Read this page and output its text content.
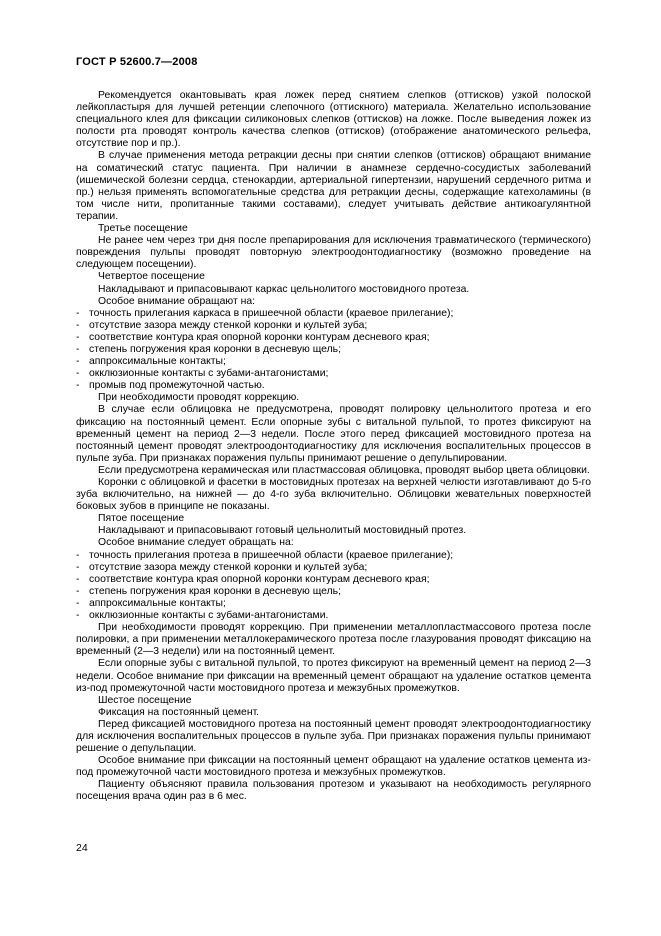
ГОСТ Р 52600.7—2008

Рекомендуется окантовывать края ложек перед снятием слепков (оттисков) узкой полоской лейкопластыря для лучшей ретенции слепочного (оттискного) материала. Желательно использование специального клея для фиксации силиконовых слепков (оттисков) на ложке. После выведения ложек из полости рта проводят контроль качества слепков (оттисков) (отображение анатомического рельефа, отсутствие пор и пр.).

В случае применения метода ретракции десны при снятии слепков (оттисков) обращают внимание на соматический статус пациента. При наличии в анамнезе сердечно-сосудистых заболеваний (ишемической болезни сердца, стенокардии, артериальной гипертензии, нарушений сердечного ритма и пр.) нельзя применять вспомогательные средства для ретракции десны, содержащие катехоламины (в том числе нити, пропитанные такими составами), следует учитывать действие антикоагулянтной терапии.

Третье посещение

Не ранее чем через три дня после препарирования для исключения травматического (термического) повреждения пульпы проводят повторную электроодонтодиагностику (возможно проведение на следующем посещении).

Четвертое посещение

Накладывают и припасовывают каркас цельнолитого мостовидного протеза.

Особое внимание обращают на:

- точность прилегания каркаса в пришеечной области (краевое прилегание);

- отсутствие зазора между стенкой коронки и культей зуба;

- соответствие контура края опорной коронки контурам десневого края;

- степень погружения края коронки в десневую щель;

- аппроксимальные контакты;

- окклюзионные контакты с зубами-антагонистами;

- промыв под промежуточной частью.

При необходимости проводят коррекцию.

В случае если облицовка не предусмотрена, проводят полировку цельнолитого протеза и его фиксацию на постоянный цемент. Если опорные зубы с витальной пульпой, то протез фиксируют на временный цемент на период 2—3 недели. После этого перед фиксацией мостовидного протеза на постоянный цемент проводят электроодонтодиагностику для исключения воспалительных процессов в пульпе зуба. При признаках поражения пульпы принимают решение о депульпировании.

Если предусмотрена керамическая или пластмассовая облицовка, проводят выбор цвета облицовки.

Коронки с облицовкой и фасетки в мостовидных протезах на верхней челюсти изготавливают до 5-го зуба включительно, на нижней — до 4-го зуба включительно. Облицовки жевательных поверхностей боковых зубов в принципе не показаны.

Пятое посещение

Накладывают и припасовывают готовый цельнолитый мостовидный протез.

Особое внимание следует обращать на:

- точность прилегания протеза в пришеечной области (краевое прилегание);

- отсутствие зазора между стенкой коронки и культей зуба;

- соответствие контура края опорной коронки контурам десневого края;

- степень погружения края коронки в десневую щель;

- аппроксимальные контакты;

- окклюзионные контакты с зубами-антагонистами.

При необходимости проводят коррекцию. При применении металлопластмассового протеза после полировки, а при применении металлокерамического протеза после глазурования проводят фиксацию на временный (2—3 недели) или на постоянный цемент.

Если опорные зубы с витальной пульпой, то протез фиксируют на временный цемент на период 2—3 недели. Особое внимание при фиксации на временный цемент обращают на удаление остатков цемента из-под промежуточной части мостовидного протеза и межзубных промежутков.

Шестое посещение

Фиксация на постоянный цемент.

Перед фиксацией мостовидного протеза на постоянный цемент проводят электроодонтодиагностику для исключения воспалительных процессов в пульпе зуба. При признаках поражения пульпы принимают решение о депульпации.

Особое внимание при фиксации на постоянный цемент обращают на удаление остатков цемента из-под промежуточной части мостовидного протеза и межзубных промежутков.

Пациенту объясняют правила пользования протезом и указывают на необходимость регулярного посещения врача один раз в 6 мес.

24
